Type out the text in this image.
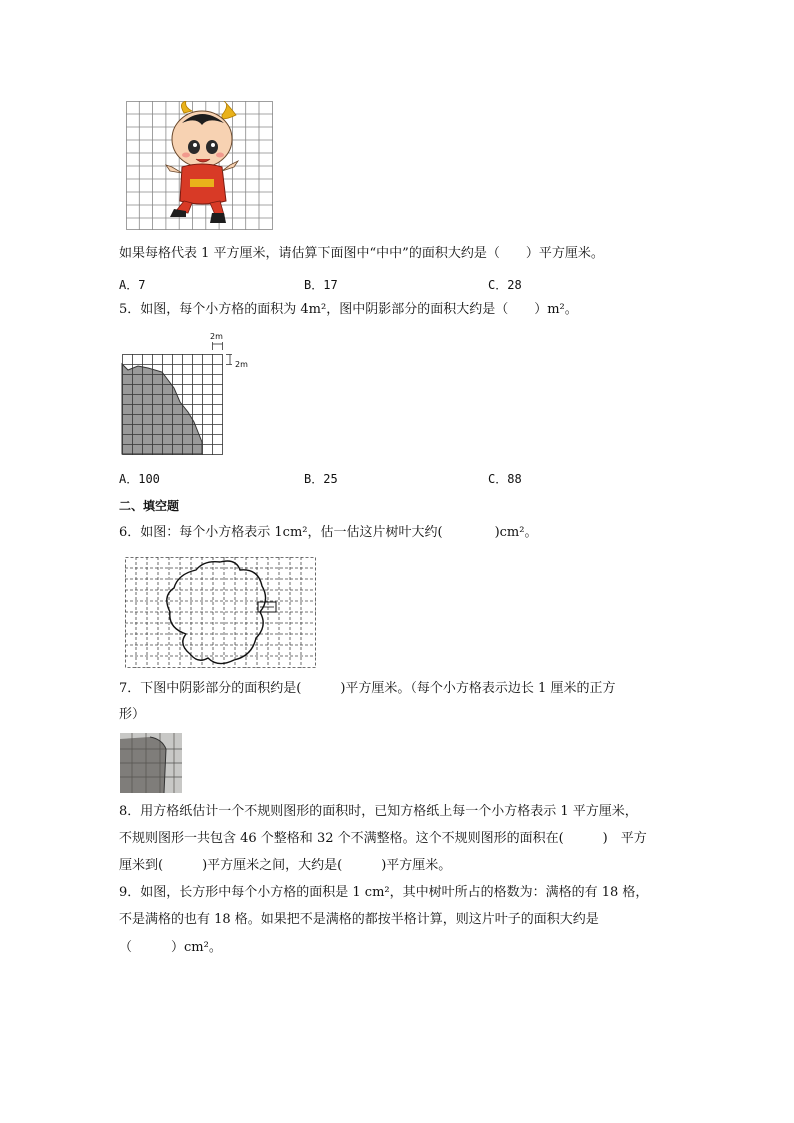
如果每格代表 1 平方厘米，请估算下面图中“中中”的面积大约是（　　）平方厘米。
A．7	B．17	C．28
5．如图，每个小方格的面积为 4m²，图中阴影部分的面积大约是（　　）m²。
2m
2m
A．100	B．25	C．88
二、填空题
6．如图：每个小方格表示 1cm²，估一估这片树叶大约(　　　　)cm²。
7．下图中阴影部分的面积约是(　　　)平方厘米。（每个小方格表示边长 1 厘米的正方
形）
8．用方格纸估计一个不规则图形的面积时，已知方格纸上每一个小方格表示 1 平方厘米，
不规则图形一共包含 46 个整格和 32 个不满整格。这个不规则图形的面积在(　　　)　平方
厘米到(　　　)平方厘米之间，大约是(　　　)平方厘米。
9．如图，长方形中每个小方格的面积是 1 cm²，其中树叶所占的格数为：满格的有 18 格，
不是满格的也有 18 格。如果把不是满格的都按半格计算，则这片叶子的面积大约是
（　　　）cm²。
